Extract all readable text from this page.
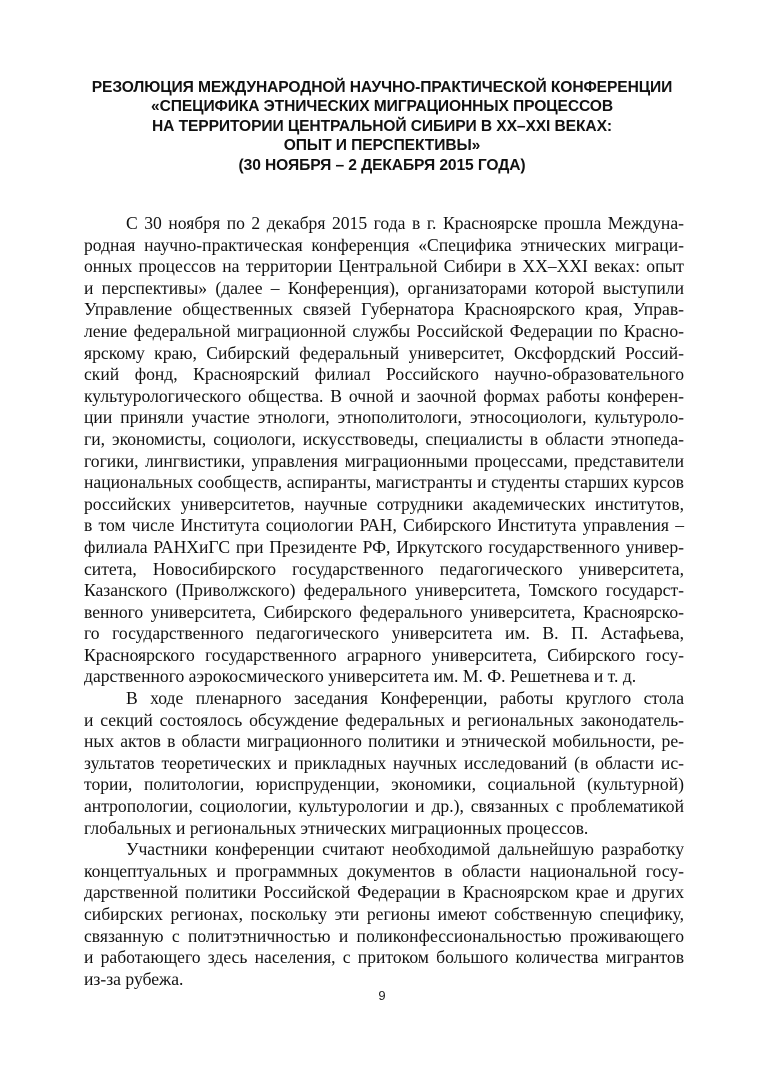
РЕЗОЛЮЦИЯ МЕЖДУНАРОДНОЙ НАУЧНО-ПРАКТИЧЕСКОЙ КОНФЕРЕНЦИИ
«СПЕЦИФИКА ЭТНИЧЕСКИХ МИГРАЦИОННЫХ ПРОЦЕССОВ
НА ТЕРРИТОРИИ ЦЕНТРАЛЬНОЙ СИБИРИ В XX–XXI ВЕКАХ:
ОПЫТ И ПЕРСПЕКТИВЫ»
(30 НОЯБРЯ – 2 ДЕКАБРЯ 2015 ГОДА)
С 30 ноября по 2 декабря 2015 года в г. Красноярске прошла Междуна-
родная научно-практическая конференция «Специфика этнических миграци-
онных процессов на территории Центральной Сибири в XX–XXI веках: опыт
и перспективы» (далее – Конференция), организаторами которой выступили
Управление общественных связей Губернатора Красноярского края, Управ-
ление федеральной миграционной службы Российской Федерации по Красно-
ярскому краю, Сибирский федеральный университет, Оксфордский Россий-
ский фонд, Красноярский филиал Российского научно-образовательного
культурологического общества. В очной и заочной формах работы конферен-
ции приняли участие этнологи, этнополитологи, этносоциологи, культуроло-
ги, экономисты, социологи, искусствоведы, специалисты в области этнопеда-
гогики, лингвистики, управления миграционными процессами, представители
национальных сообществ, аспиранты, магистранты и студенты старших курсов
российских университетов, научные сотрудники академических институтов,
в том числе Института социологии РАН, Сибирского Института управления –
филиала РАНХиГС при Президенте РФ, Иркутского государственного универ-
ситета, Новосибирского государственного педагогического университета,
Казанского (Приволжского) федерального университета, Томского государст-
венного университета, Сибирского федерального университета, Красноярско-
го государственного педагогического университета им. В. П. Астафьева,
Красноярского государственного аграрного университета, Сибирского госу-
дарственного аэрокосмического университета им. М. Ф. Решетнева и т. д.
В ходе пленарного заседания Конференции, работы круглого стола
и секций состоялось обсуждение федеральных и региональных законодатель-
ных актов в области миграционного политики и этнической мобильности, ре-
зультатов теоретических и прикладных научных исследований (в области ис-
тории, политологии, юриспруденции, экономики, социальной (культурной)
антропологии, социологии, культурологии и др.), связанных с проблематикой
глобальных и региональных этнических миграционных процессов.
Участники конференции считают необходимой дальнейшую разработку
концептуальных и программных документов в области национальной госу-
дарственной политики Российской Федерации в Красноярском крае и других
сибирских регионах, поскольку эти регионы имеют собственную специфику,
связанную с политэтничностью и поликонфессиональностью проживающего
и работающего здесь населения, с притоком большого количества мигрантов
из-за рубежа.
9
